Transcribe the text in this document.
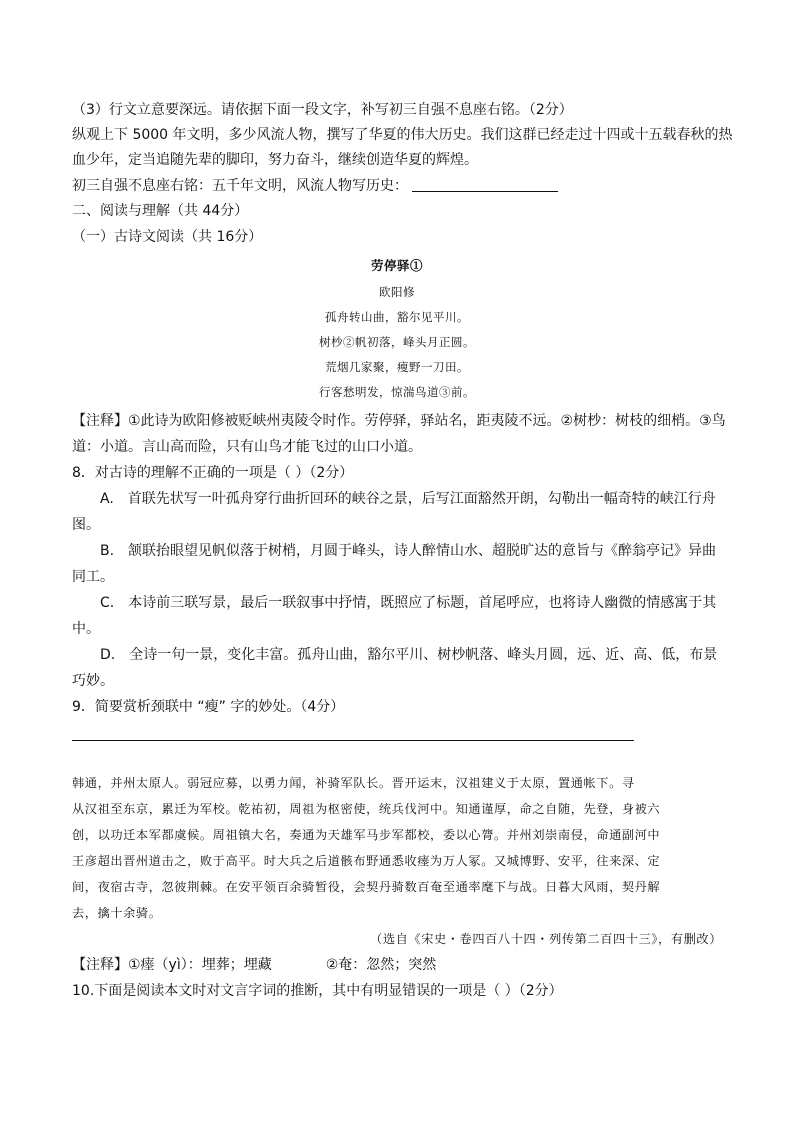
（3）行文立意要深远。请依据下面一段文字，补写初三自强不息座右铭。（2分）
纵观上下 5000 年文明，多少风流人物，撰写了华夏的伟大历史。我们这群已经走过十四或十五载春秋的热
血少年，定当追随先辈的脚印，努力奋斗，继续创造华夏的辉煌。
初三自强不息座右铭：五千年文明，风流人物写历史：
二、阅读与理解（共 44分）
（一）古诗文阅读（共 16分）
劳停驿①
欧阳修
孤舟转山曲，豁尔见平川。
树杪②帆初落，峰头月正圆。
荒烟几家聚，瘦野一刀田。
行客愁明发，惊湍鸟道③前。
【注释】①此诗为欧阳修被贬峡州夷陵令时作。劳停驿，驿站名，距夷陵不远。②树杪：树枝的细梢。③鸟
道：小道。言山高而险，只有山鸟才能飞过的山口小道。
8．对古诗的理解不正确的一项是（ ）（2分）
A.　首联先状写一叶孤舟穿行曲折回环的峡谷之景，后写江面豁然开朗，勾勒出一幅奇特的峡江行舟
图。
B.　颔联抬眼望见帆似落于树梢，月圆于峰头，诗人醉情山水、超脱旷达的意旨与《醉翁亭记》异曲
同工。
C.　本诗前三联写景，最后一联叙事中抒情，既照应了标题，首尾呼应，也将诗人幽微的情感寓于其
中。
D.　全诗一句一景，变化丰富。孤舟山曲，豁尔平川、树杪帆落、峰头月圆，远、近、高、低，布景
巧妙。
9．简要赏析颈联中 “瘦” 字的妙处。（4分）
韩通，并州太原人。弱冠应募，以勇力闻，补骑军队长。晋开运末，汉祖建义于太原，置通帐下。寻
从汉祖至东京，累迁为军校。乾祐初，周祖为枢密使，统兵伐河中。知通谨厚，命之自随，先登，身被六
创，以功迁本军都虞候。周祖镇大名，奏通为天雄军马步军都校，委以心膂。并州刘崇南侵，命通副河中
王彦超出晋州道击之，败于高平。时大兵之后道骸布野通悉收瘗为万人冢。又城博野、安平，往来深、定
间，夜宿古寺，忽彼荆棘。在安平领百余骑暂役，会契丹骑数百奄至通率麾下与战。日暮大风雨，契丹解
去，擒十余骑。
（选自《宋史・卷四百八十四・列传第二百四十三》，有删改）
【注释】①瘗（yì）：埋葬；埋藏	②奄：忽然；突然
10.下面是阅读本文时对文言字词的推断，其中有明显错误的一项是（ ）（2分）
